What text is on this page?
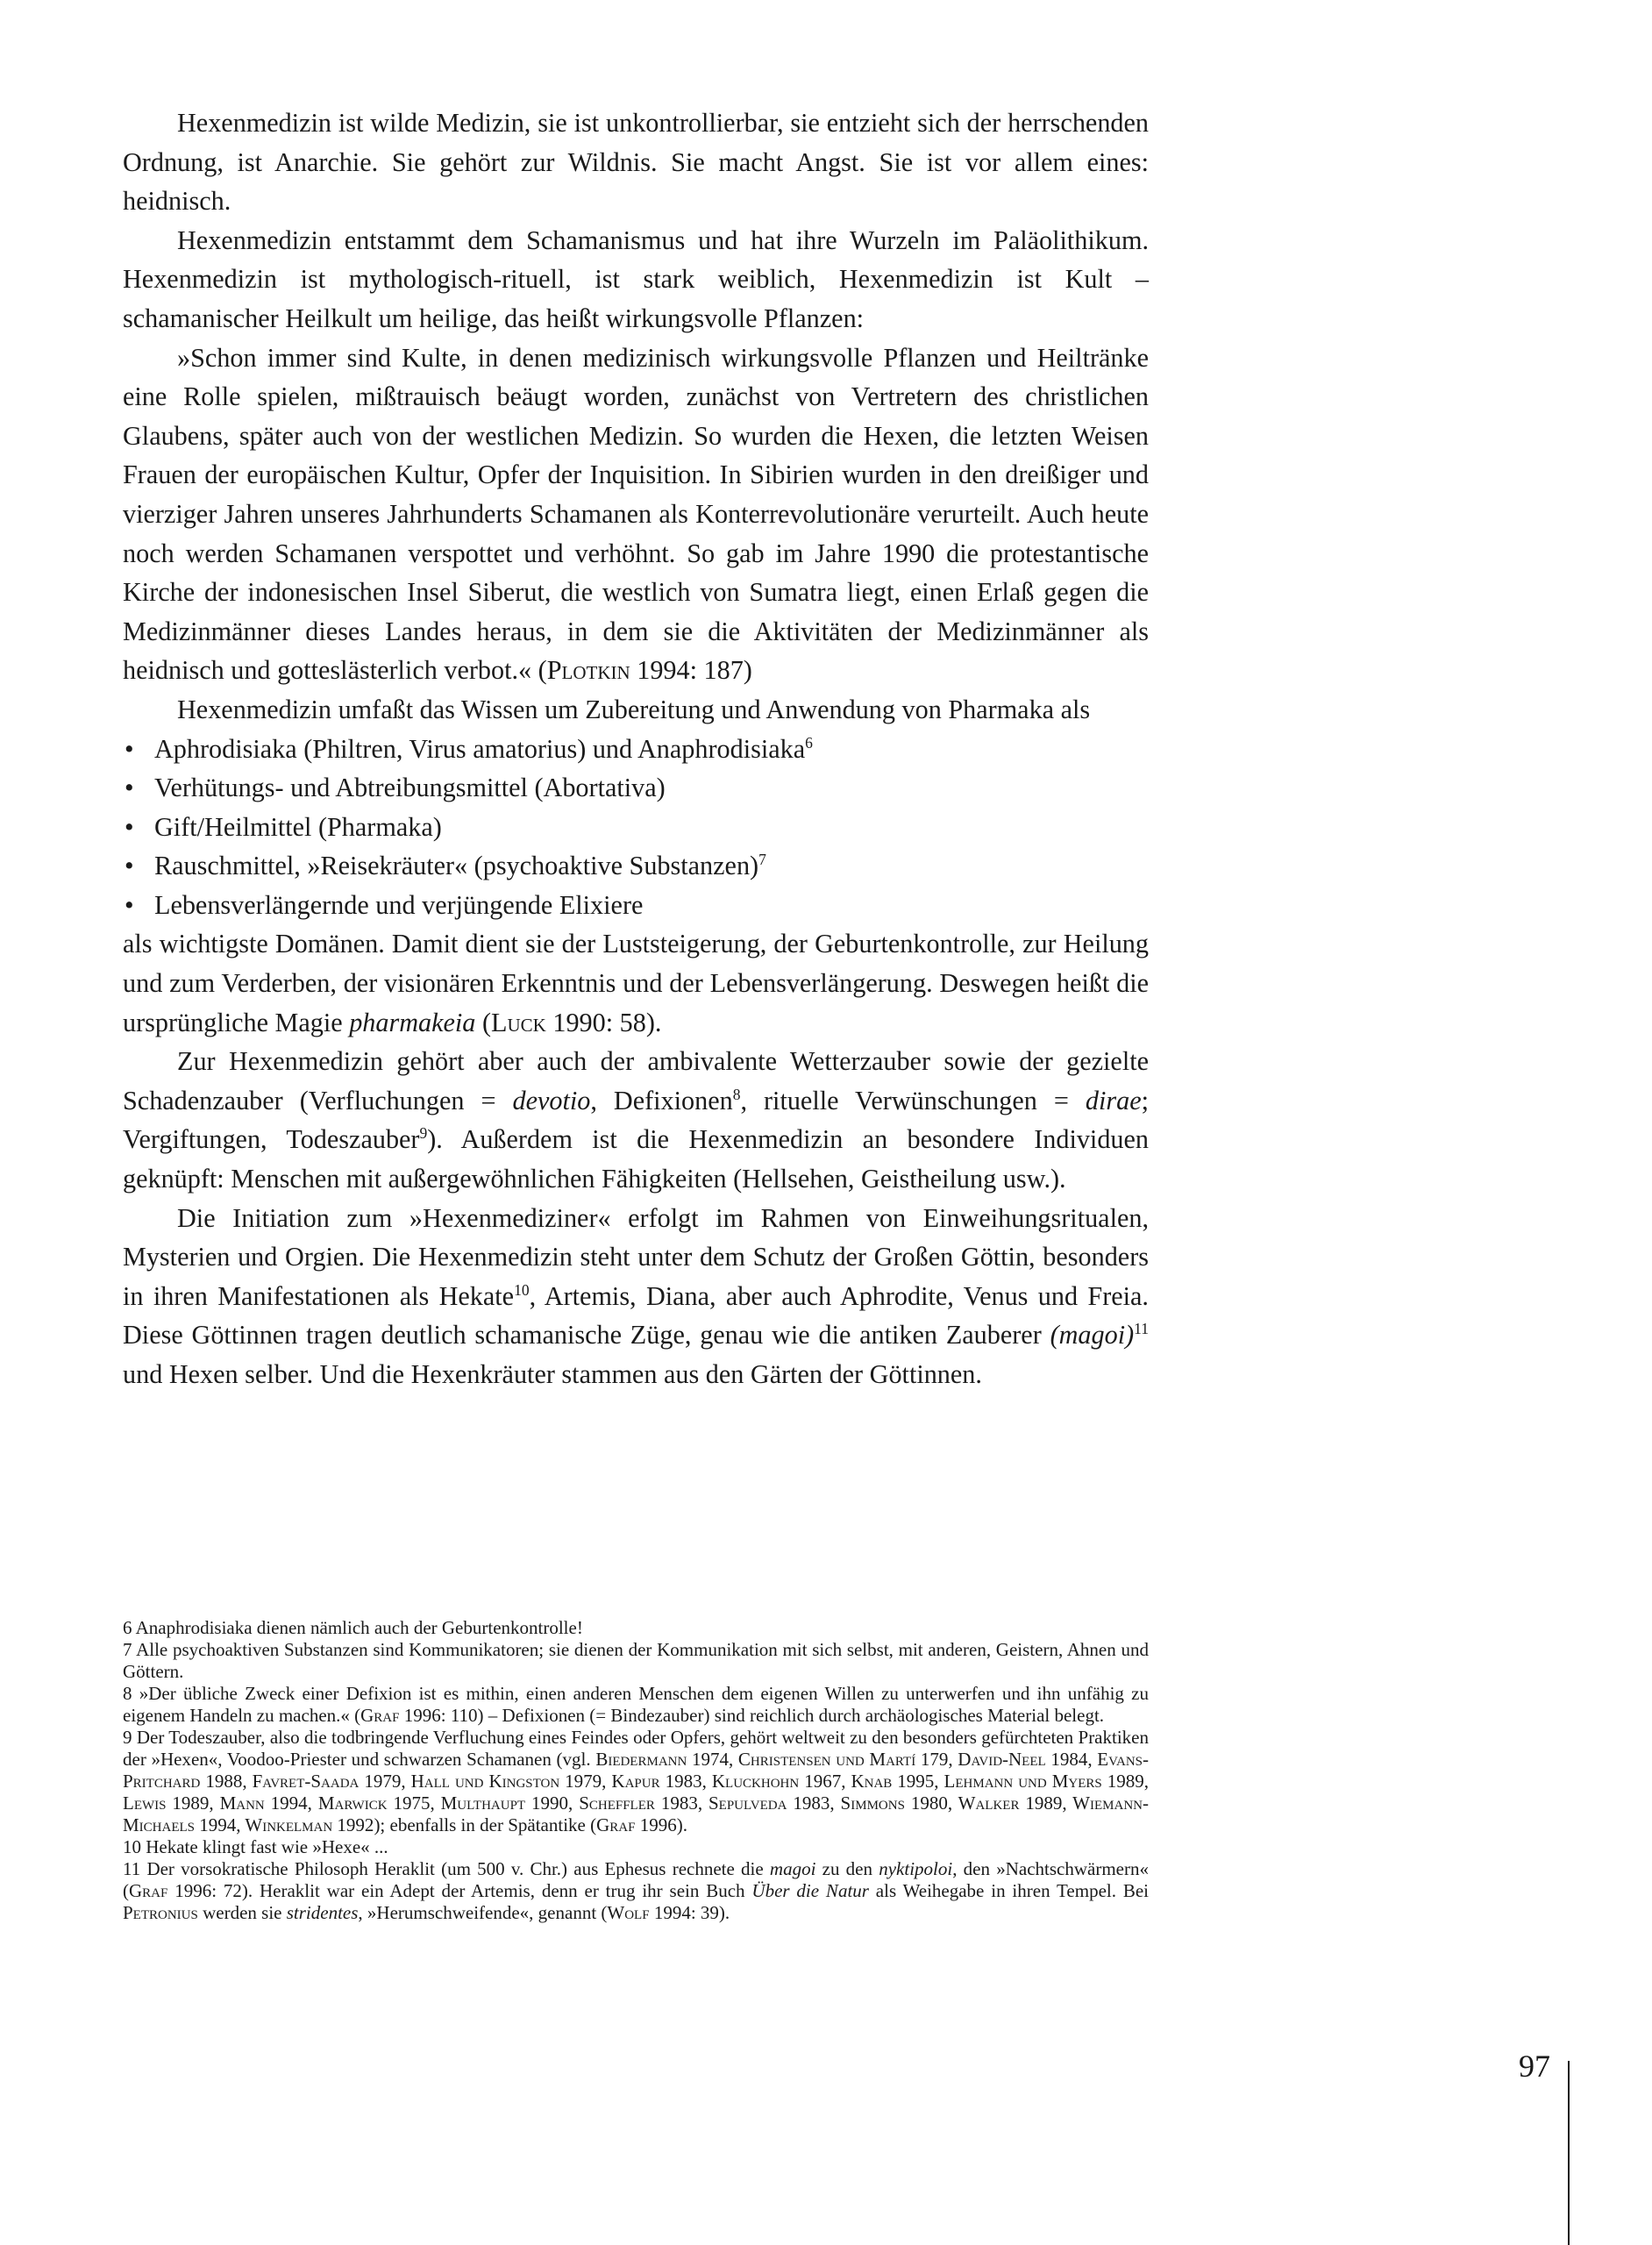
Hexenmedizin ist wilde Medizin, sie ist unkontrollierbar, sie entzieht sich der herrschenden Ordnung, ist Anarchie. Sie gehört zur Wildnis. Sie macht Angst. Sie ist vor allem eines: heidnisch.

Hexenmedizin entstammt dem Schamanismus und hat ihre Wurzeln im Paläolithikum. Hexenmedizin ist mythologisch-rituell, ist stark weiblich, Hexenmedizin ist Kult – schamanischer Heilkult um heilige, das heißt wirkungsvolle Pflanzen:

»Schon immer sind Kulte, in denen medizinisch wirkungsvolle Pflanzen und Heiltränke eine Rolle spielen, mißtrauisch beäugt worden, zunächst von Vertretern des christlichen Glaubens, später auch von der westlichen Medizin. So wurden die Hexen, die letzten Weisen Frauen der europäischen Kultur, Opfer der Inquisition. In Sibirien wurden in den dreißiger und vierziger Jahren unseres Jahrhunderts Schamanen als Konterrevolutionäre verurteilt. Auch heute noch werden Schamanen verspottet und verhöhnt. So gab im Jahre 1990 die protestantische Kirche der indonesischen Insel Siberut, die westlich von Sumatra liegt, einen Erlaß gegen die Medizinmänner dieses Landes heraus, in dem sie die Aktivitäten der Medizinmänner als heidnisch und gotteslästerlich verbot.« (Plotkin 1994: 187)

Hexenmedizin umfaßt das Wissen um Zubereitung und Anwendung von Pharmaka als

• Aphrodisiaka (Philtren, Virus amatorius) und Anaphrodisiaka$^6$
• Verhütungs- und Abtreibungsmittel (Abortativa)
• Gift/Heilmittel (Pharmaka)
• Rauschmittel, »Reisekräuter« (psychoaktive Substanzen)$^7$
• Lebensverlängernde und verjüngende Elixiere

als wichtigste Domänen. Damit dient sie der Luststeigerung, der Geburtenkontrolle, zur Heilung und zum Verderben, der visionären Erkenntnis und der Lebensverlängerung. Deswegen heißt die ursprüngliche Magie pharmakeia (Luck 1990: 58).

Zur Hexenmedizin gehört aber auch der ambivalente Wetterzauber sowie der gezielte Schadenzauber (Verfluchungen = devotio, Defixionen$^8$, rituelle Verwünschungen = dirae; Vergiftungen, Todeszauber$^9$). Außerdem ist die Hexenmedizin an besondere Individuen geknüpft: Menschen mit außergewöhnlichen Fähigkeiten (Hellsehen, Geistheilung usw.).

Die Initiation zum »Hexenmediziner« erfolgt im Rahmen von Einweihungsritualen, Mysterien und Orgien. Die Hexenmedizin steht unter dem Schutz der Großen Göttin, besonders in ihren Manifestationen als Hekate$^{10}$, Artemis, Diana, aber auch Aphrodite, Venus und Freia. Diese Göttinnen tragen deutlich schamanische Züge, genau wie die antiken Zauberer (magoi)$^{11}$ und Hexen selber. Und die Hexenkräuter stammen aus den Gärten der Göttinnen.

6 Anaphrodisiaka dienen nämlich auch der Geburtenkontrolle!

7 Alle psychoaktiven Substanzen sind Kommunikatoren; sie dienen der Kommunikation mit sich selbst, mit anderen, Geistern, Ahnen und Göttern.

8 »Der übliche Zweck einer Defixion ist es mithin, einen anderen Menschen dem eigenen Willen zu unterwerfen und ihn unfähig zu eigenem Handeln zu machen.« (Graf 1996: 110) – Defixionen (= Bindezauber) sind reichlich durch archäologisches Material belegt.

9 Der Todeszauber, also die todbringende Verfluchung eines Feindes oder Opfers, gehört weltweit zu den besonders gefürchteten Praktiken der »Hexen«, Voodoo-Priester und schwarzen Schamanen (vgl. Biedermann 1974, Christensen und Martí 179, David-Neel 1984, Evans-Pritchard 1988, Favret-Saada 1979, Hall und Kingston 1979, Kapur 1983, Kluckhohn 1967, Knab 1995, Lehmann und Myers 1989, Lewis 1989, Mann 1994, Marwick 1975, Multhaupt 1990, Scheffler 1983, Sepulveda 1983, Simmons 1980, Walker 1989, Wiemann-Michaels 1994, Winkelman 1992); ebenfalls in der Spätantike (Graf 1996).

10 Hekate klingt fast wie »Hexe« ...

11 Der vorsokratische Philosoph Heraklit (um 500 v. Chr.) aus Ephesus rechnete die magoi zu den nyktipoloi, den »Nachtschwärmern« (Graf 1996: 72). Heraklit war ein Adept der Artemis, denn er trug ihr sein Buch Über die Natur als Weihegabe in ihren Tempel. Bei Petronius werden sie stridentes, »Herumschweifende«, genannt (Wolf 1994: 39).

97
